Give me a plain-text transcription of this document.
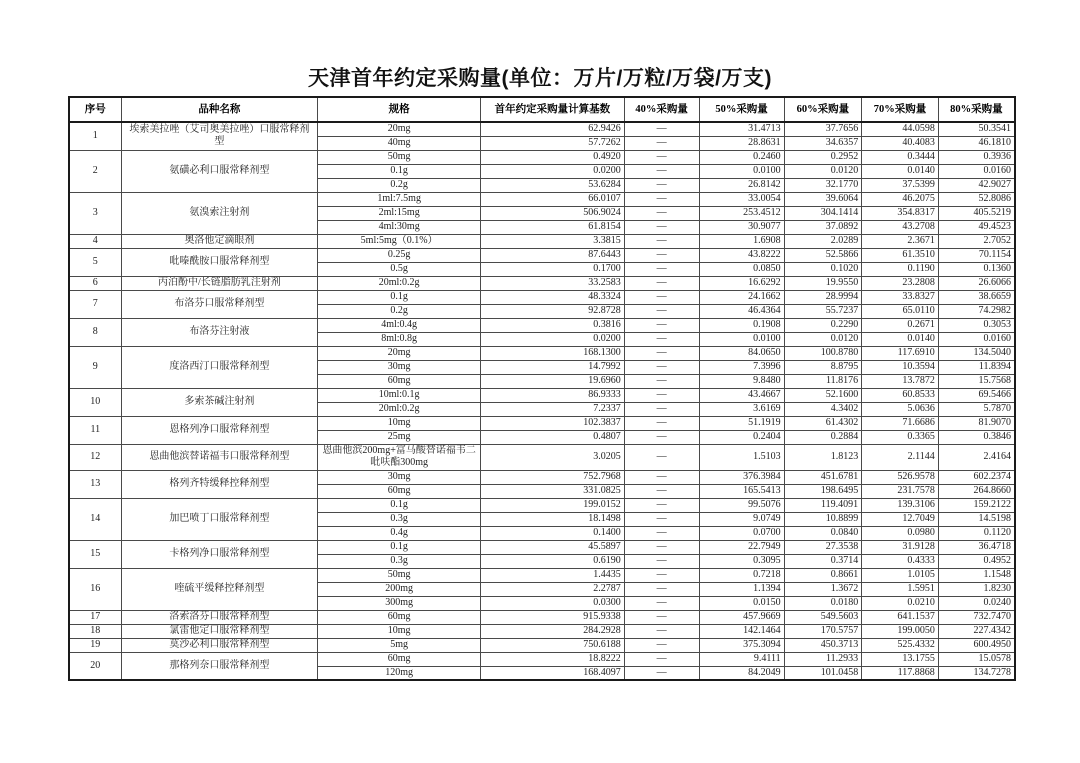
天津首年约定采购量(单位：万片/万粒/万袋/万支)
序号	品种名称	规格	首年约定采购量计算基数	40%采购量	50%采购量	60%采购量	70%采购量	80%采购量
1	埃索美拉唑（艾司奥美拉唑）口服常释剂型	20mg	62.9426	—	31.4713	37.7656	44.0598	50.3541
		40mg	57.7262	—	28.8631	34.6357	40.4083	46.1810
2	氨磺必利口服常释剂型	50mg	0.4920	—	0.2460	0.2952	0.3444	0.3936
		0.1g	0.0200	—	0.0100	0.0120	0.0140	0.0160
		0.2g	53.6284	—	26.8142	32.1770	37.5399	42.9027
3	氨溴索注射剂	1ml:7.5mg	66.0107	—	33.0054	39.6064	46.2075	52.8086
		2ml:15mg	506.9024	—	253.4512	304.1414	354.8317	405.5219
		4ml:30mg	61.8154	—	30.9077	37.0892	43.2708	49.4523
4	奥洛他定滴眼剂	5ml:5mg（0.1%）	3.3815	—	1.6908	2.0289	2.3671	2.7052
5	吡嗪酰胺口服常释剂型	0.25g	87.6443	—	43.8222	52.5866	61.3510	70.1154
		0.5g	0.1700	—	0.0850	0.1020	0.1190	0.1360
6	丙泊酚中/长链脂肪乳注射剂	20ml:0.2g	33.2583	—	16.6292	19.9550	23.2808	26.6066
7	布洛芬口服常释剂型	0.1g	48.3324	—	24.1662	28.9994	33.8327	38.6659
		0.2g	92.8728	—	46.4364	55.7237	65.0110	74.2982
8	布洛芬注射液	4ml:0.4g	0.3816	—	0.1908	0.2290	0.2671	0.3053
		8ml:0.8g	0.0200	—	0.0100	0.0120	0.0140	0.0160
9	度洛西汀口服常释剂型	20mg	168.1300	—	84.0650	100.8780	117.6910	134.5040
		30mg	14.7992	—	7.3996	8.8795	10.3594	11.8394
		60mg	19.6960	—	9.8480	11.8176	13.7872	15.7568
10	多索茶碱注射剂	10ml:0.1g	86.9333	—	43.4667	52.1600	60.8533	69.5466
		20ml:0.2g	7.2337	—	3.6169	4.3402	5.0636	5.7870
11	恩格列净口服常释剂型	10mg	102.3837	—	51.1919	61.4302	71.6686	81.9070
		25mg	0.4807	—	0.2404	0.2884	0.3365	0.3846
12	恩曲他滨替诺福韦口服常释剂型	恩曲他滨200mg+富马酸替诺福韦二吡呋酯300mg	3.0205	—	1.5103	1.8123	2.1144	2.4164
13	格列齐特缓释控释剂型	30mg	752.7968	—	376.3984	451.6781	526.9578	602.2374
		60mg	331.0825	—	165.5413	198.6495	231.7578	264.8660
14	加巴喷丁口服常释剂型	0.1g	199.0152	—	99.5076	119.4091	139.3106	159.2122
		0.3g	18.1498	—	9.0749	10.8899	12.7049	14.5198
		0.4g	0.1400	—	0.0700	0.0840	0.0980	0.1120
15	卡格列净口服常释剂型	0.1g	45.5897	—	22.7949	27.3538	31.9128	36.4718
		0.3g	0.6190	—	0.3095	0.3714	0.4333	0.4952
16	喹硫平缓释控释剂型	50mg	1.4435	—	0.7218	0.8661	1.0105	1.1548
		200mg	2.2787	—	1.1394	1.3672	1.5951	1.8230
		300mg	0.0300	—	0.0150	0.0180	0.0210	0.0240
17	洛索洛芬口服常释剂型	60mg	915.9338	—	457.9669	549.5603	641.1537	732.7470
18	氯雷他定口服常释剂型	10mg	284.2928	—	142.1464	170.5757	199.0050	227.4342
19	莫沙必利口服常释剂型	5mg	750.6188	—	375.3094	450.3713	525.4332	600.4950
20	那格列奈口服常释剂型	60mg	18.8222	—	9.4111	11.2933	13.1755	15.0578
		120mg	168.4097	—	84.2049	101.0458	117.8868	134.7278
